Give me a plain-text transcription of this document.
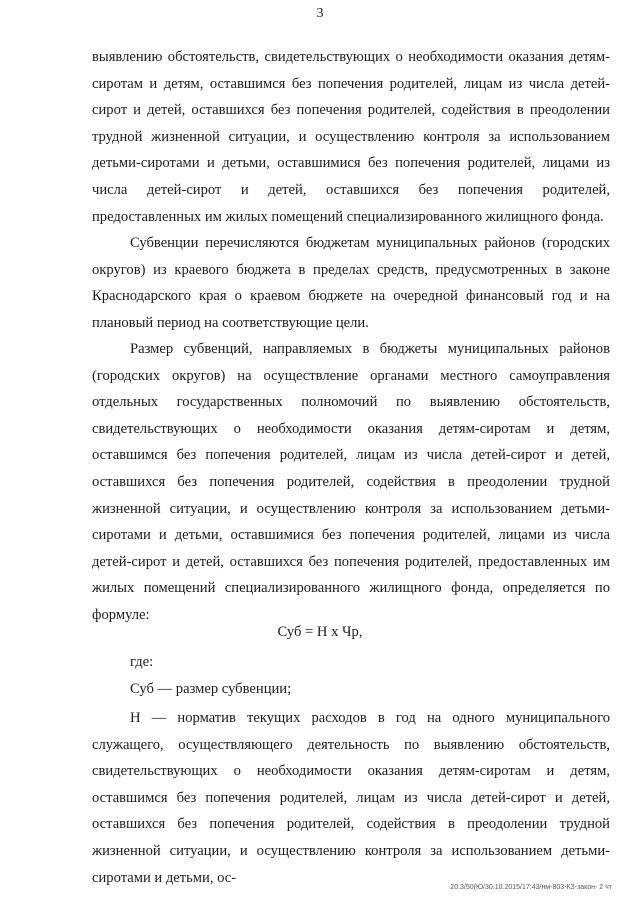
3

выявлению обстоятельств, свидетельствующих о необходимости оказания детям-сиротам и детям, оставшимся без попечения родителей, лицам из числа детей-сирот и детей, оставшихся без попечения родителей, содействия в преодолении трудной жизненной ситуации, и осуществлению контроля за использованием детьми-сиротами и детьми, оставшимися без попечения родителей, лицами из числа детей-сирот и детей, оставшихся без попечения родителей, предоставленных им жилых помещений специализированного жилищного фонда.

Субвенции перечисляются бюджетам муниципальных районов (городских округов) из краевого бюджета в пределах средств, предусмотренных в законе Краснодарского края о краевом бюджете на очередной финансовый год и на плановый период на соответствующие цели.

Размер субвенций, направляемых в бюджеты муниципальных районов (городских округов) на осуществление органами местного самоуправления отдельных государственных полномочий по выявлению обстоятельств, свидетельствующих о необходимости оказания детям-сиротам и детям, оставшимся без попечения родителей, лицам из числа детей-сирот и детей, оставшихся без попечения родителей, содействия в преодолении трудной жизненной ситуации, и осуществлению контроля за использованием детьми-сиротами и детьми, оставшимися без попечения родителей, лицами из числа детей-сирот и детей, оставшихся без попечения родителей, предоставленных им жилых помещений специализированного жилищного фонда, определяется по формуле:

Суб = Н х Чр,
где:
Суб — размер субвенции;

Н — норматив текущих расходов в год на одного муниципального служащего, осуществляющего деятельность по выявлению обстоятельств, свидетельствующих о необходимости оказания детям-сиротам и детям, оставшимся без попечения родителей, лицам из числа детей-сирот и детей, оставшихся без попечения родителей, содействия в преодолении трудной жизненной ситуации, и осуществлению контроля за использованием детьми-сиротами и детьми, ос-

20.3/50(Ю/30.10.2015/17:43/нм-803-КЗ-закон- 2 чт
